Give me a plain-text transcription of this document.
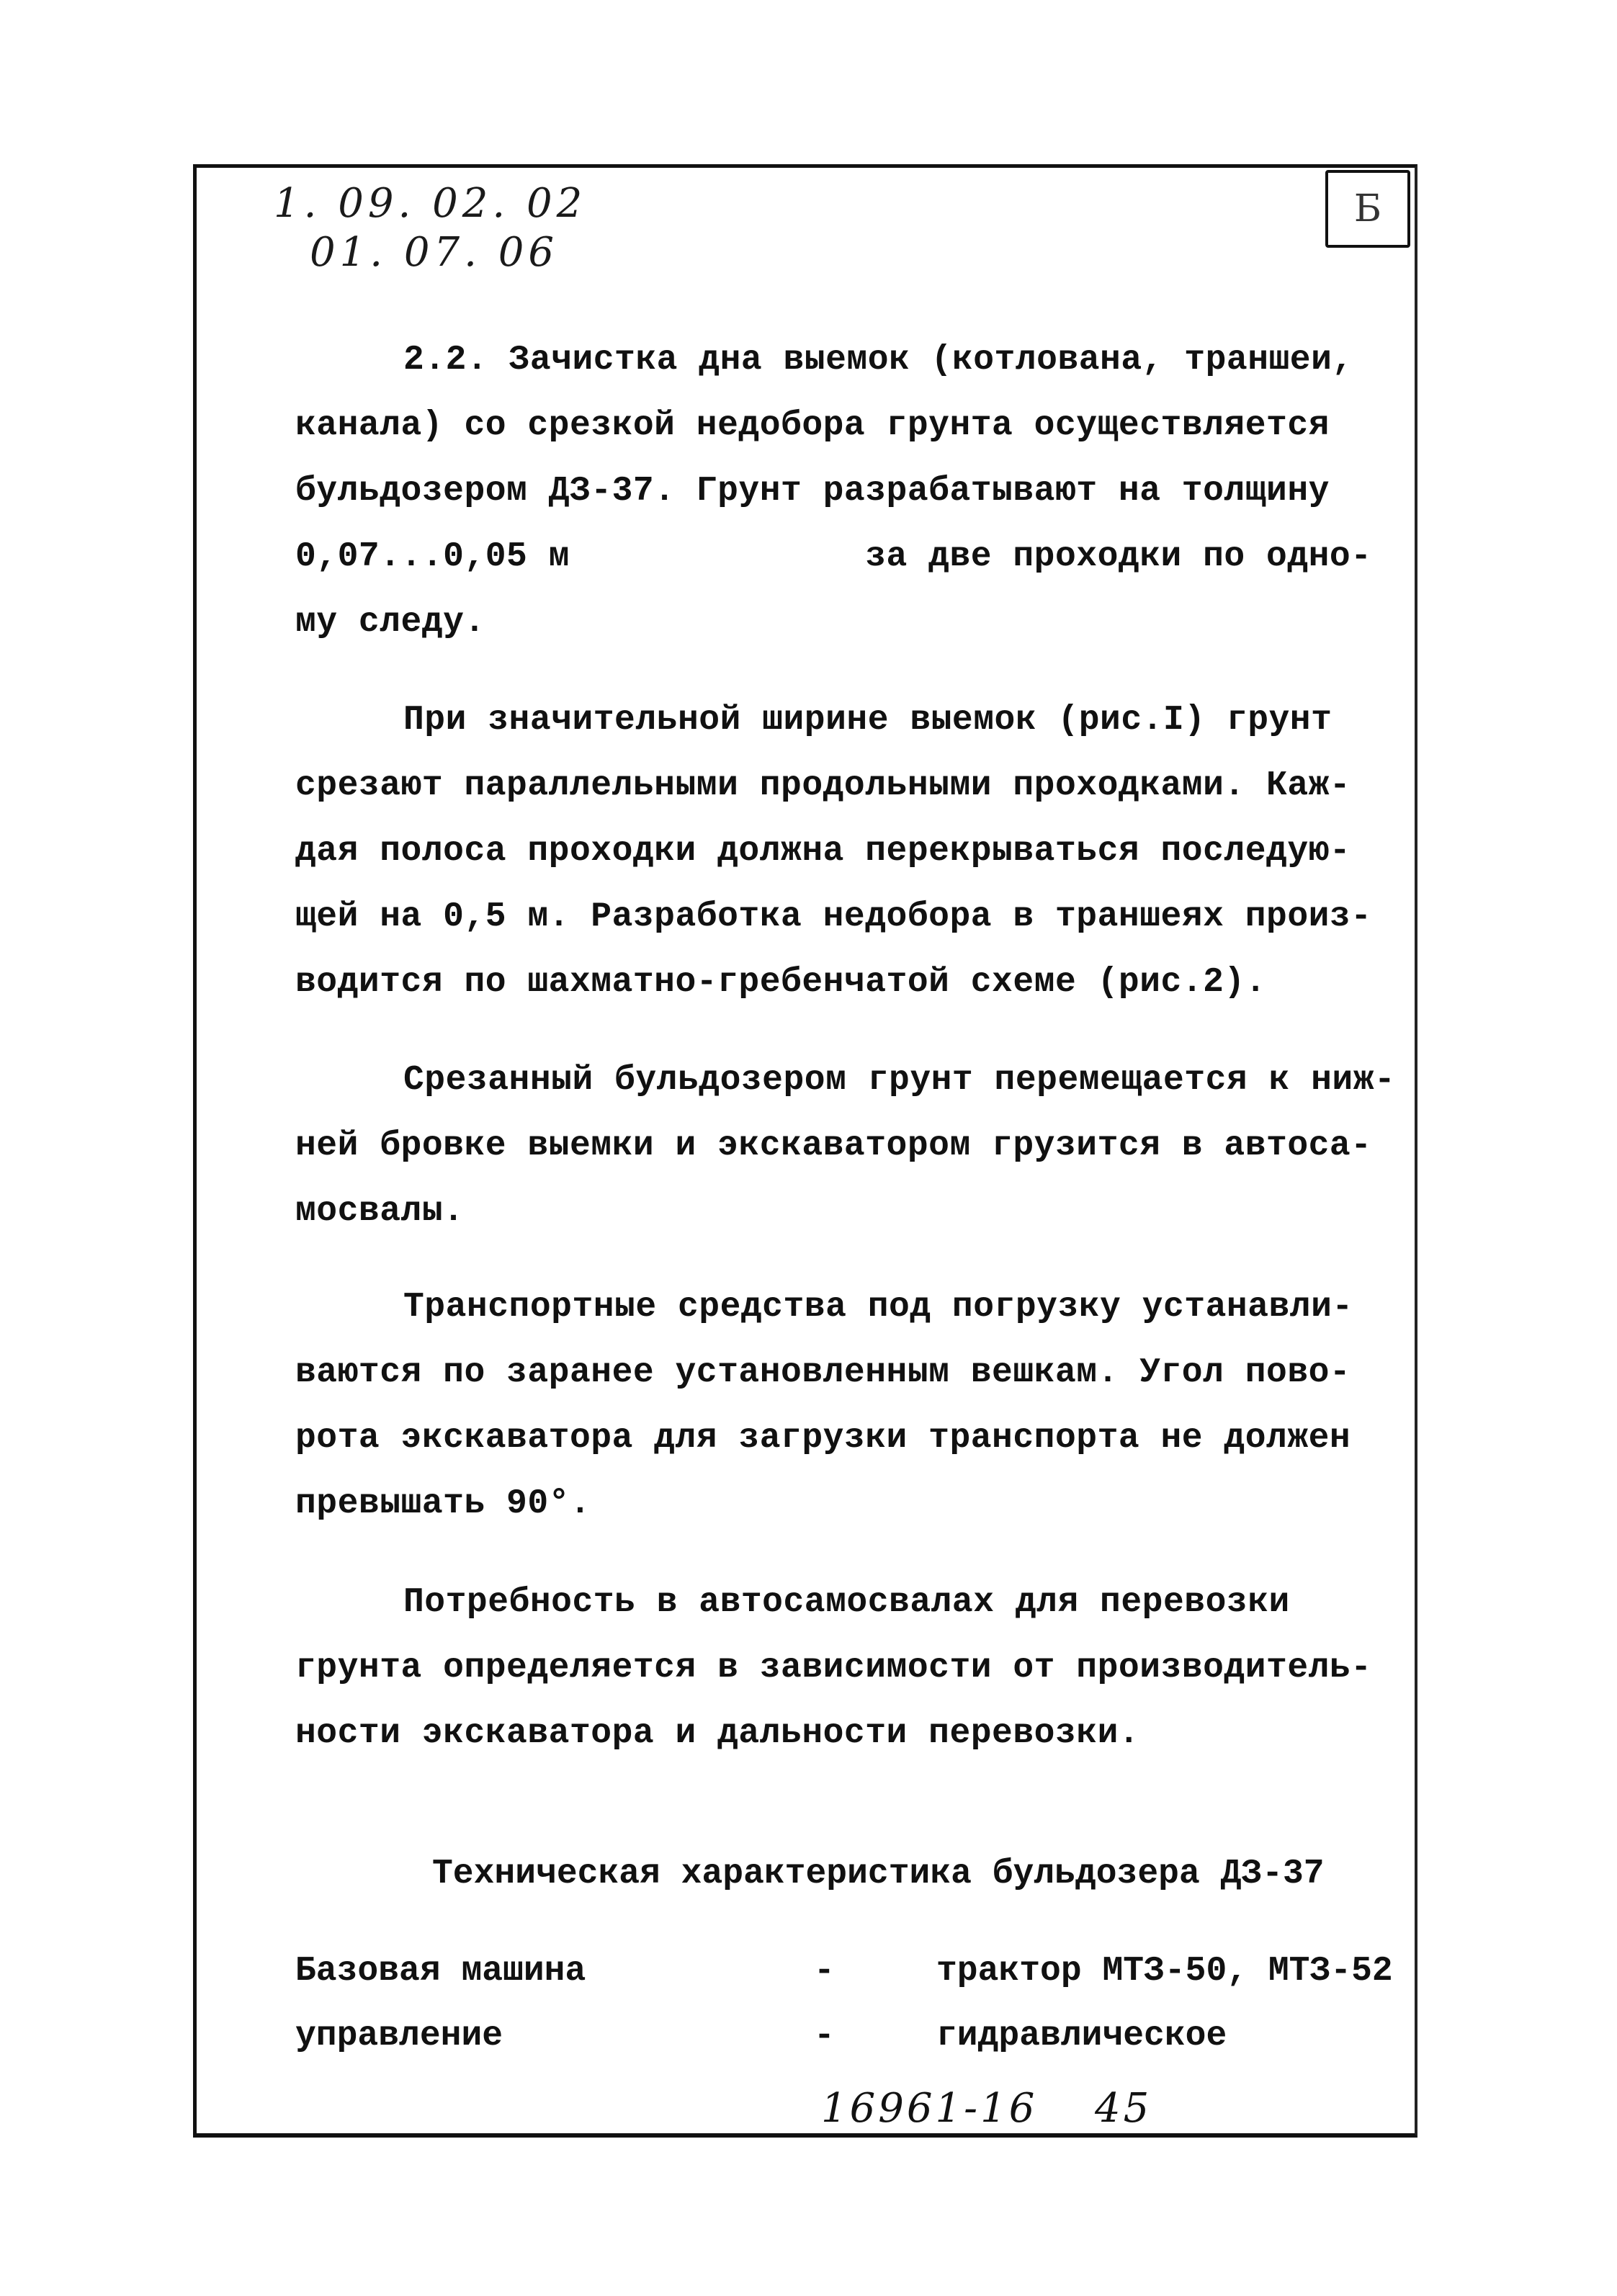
1. 09. 02. 02
01. 07. 06
Б
2.2. Зачистка дна выемок (котлована, траншеи,
канала) со срезкой недобора грунта осуществляется
бульдозером ДЗ-37. Грунт разрабатывают на толщину
0,07...0,05 м              за две проходки по одно-
му следу.
При значительной ширине выемок (рис.I) грунт
срезают параллельными продольными проходками. Каж-
дая полоса проходки должна перекрываться последую-
щей на 0,5 м. Разработка недобора в траншеях произ-
водится по шахматно-гребенчатой схеме (рис.2).
Срезанный бульдозером грунт перемещается к ниж-
ней бровке выемки и экскаватором грузится в автоса-
мосвалы.
Транспортные средства под погрузку устанавли-
ваются по заранее установленным вешкам. Угол пово-
рота экскаватора для загрузки транспорта не должен
превышать 90°.
Потребность в автосамосвалах для перевозки
грунта определяется в зависимости от производитель-
ности экскаватора и дальности перевозки.
Техническая характеристика бульдозера ДЗ-37
Базовая машина	-	трактор МТЗ-50, МТЗ-52
управление	-	гидравлическое
16961-16 45
